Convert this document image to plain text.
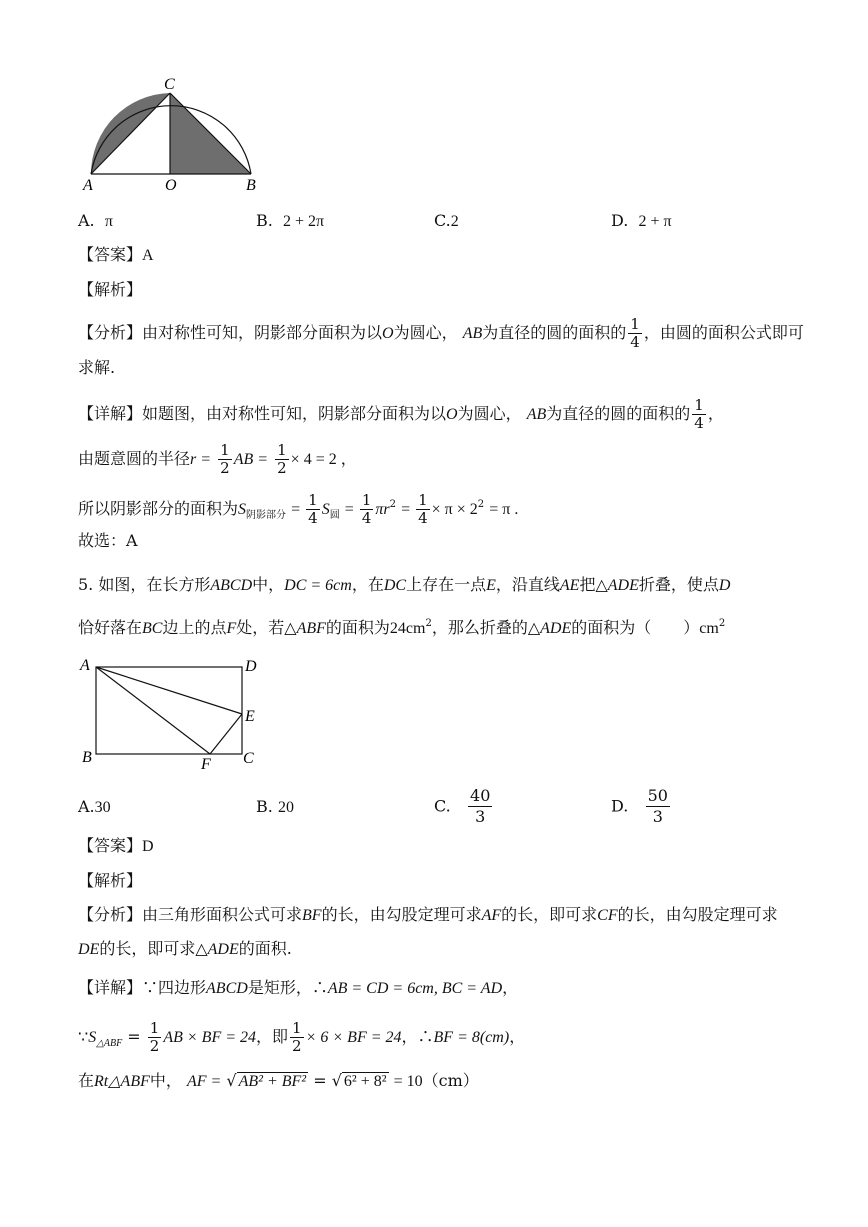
C
A	O	B
A. π	B. 2 + 2π	C.2	D. 2 + π
【答案】A
【解析】
【分析】由对称性可知，阴影部分面积为以O为圆心， AB为直径的圆的面积的 $\frac{1}{4}$ ，由圆的面积公式即可
求解.
【详解】如题图，由对称性可知，阴影部分面积为以O为圆心， AB为直径的圆的面积的 $\frac{1}{4}$ ，
由题意圆的半径$r = \frac{1}{2}$ AB = $\frac{1}{2} \times 4 = 2$ ，
所以阴影部分的面积为$S_{阴影部分} = \frac{1}{4} S_圆 = \frac{1}{4} \pi r^2 = \frac{1}{4} \times \pi \times 2^2 = \pi$ .
故选：A
5. 如图，在长方形ABCD中，DC = 6cm，在DC上存在一点E，沿直线AE把△ADE折叠，使点D
恰好落在BC边上的点F处，若△ABF的面积为$24cm^2$，那么折叠的△ADE的面积为（　　）$cm^2$
A	D
E
B	F C
A.30	B. 20	C. $\frac{40}{3}$	D. $\frac{50}{3}$
【答案】D
【解析】
【分析】由三角形面积公式可求BF的长，由勾股定理可求AF的长，即可求CF的长，由勾股定理可求
DE的长，即可求△ADE的面积.
【详解】∵四边形ABCD是矩形，∴AB = CD = 6cm, BC = AD，
$\because S_{\triangle ABF} = \frac{1}{2}$ AB × BF = 24，即 $\frac{1}{2} \times 6$ × BF = 24，∴BF = 8(cm)，
在Rt△ABF中， AF = √ AB² + BF² = √ 6² + 8² = 10（cm）
